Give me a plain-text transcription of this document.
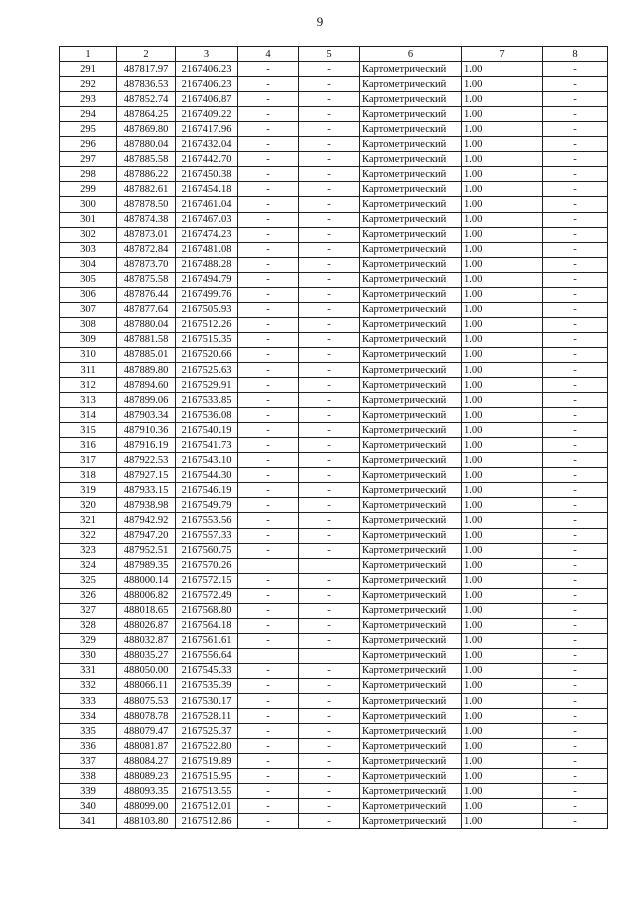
9
1	2	3	4	5	6	7	8
291	487817.97	2167406.23	-	-	Картометрический	1.00	-
292	487836.53	2167406.23	-	-	Картометрический	1.00	-
293	487852.74	2167406.87	-	-	Картометрический	1.00	-
294	487864.25	2167409.22	-	-	Картометрический	1.00	-
295	487869.80	2167417.96	-	-	Картометрический	1.00	-
296	487880.04	2167432.04	-	-	Картометрический	1.00	-
297	487885.58	2167442.70	-	-	Картометрический	1.00	-
298	487886.22	2167450.38	-	-	Картометрический	1.00	-
299	487882.61	2167454.18	-	-	Картометрический	1.00	-
300	487878.50	2167461.04	-	-	Картометрический	1.00	-
301	487874.38	2167467.03	-	-	Картометрический	1.00	-
302	487873.01	2167474.23	-	-	Картометрический	1.00	-
303	487872.84	2167481.08	-	-	Картометрический	1.00	-
304	487873.70	2167488.28	-	-	Картометрический	1.00	-
305	487875.58	2167494.79	-	-	Картометрический	1.00	-
306	487876.44	2167499.76	-	-	Картометрический	1.00	-
307	487877.64	2167505.93	-	-	Картометрический	1.00	-
308	487880.04	2167512.26	-	-	Картометрический	1.00	-
309	487881.58	2167515.35	-	-	Картометрический	1.00	-
310	487885.01	2167520.66	-	-	Картометрический	1.00	-
311	487889.80	2167525.63	-	-	Картометрический	1.00	-
312	487894.60	2167529.91	-	-	Картометрический	1.00	-
313	487899.06	2167533.85	-	-	Картометрический	1.00	-
314	487903.34	2167536.08	-	-	Картометрический	1.00	-
315	487910.36	2167540.19	-	-	Картометрический	1.00	-
316	487916.19	2167541.73	-	-	Картометрический	1.00	-
317	487922.53	2167543.10	-	-	Картометрический	1.00	-
318	487927.15	2167544.30	-	-	Картометрический	1.00	-
319	487933.15	2167546.19	-	-	Картометрический	1.00	-
320	487938.98	2167549.79	-	-	Картометрический	1.00	-
321	487942.92	2167553.56	-	-	Картометрический	1.00	-
322	487947.20	2167557.33	-	-	Картометрический	1.00	-
323	487952.51	2167560.75	-	-	Картометрический	1.00	-
324	487989.35	2167570.26			Картометрический	1.00	-
325	488000.14	2167572.15	-	-	Картометрический	1.00	-
326	488006.82	2167572.49	-	-	Картометрический	1.00	-
327	488018.65	2167568.80	-	-	Картометрический	1.00	-
328	488026.87	2167564.18	-	-	Картометрический	1.00	-
329	488032.87	2167561.61	-	-	Картометрический	1.00	-
330	488035.27	2167556.64			Картометрический	1.00	-
331	488050.00	2167545.33	-	-	Картометрический	1.00	-
332	488066.11	2167535.39	-	-	Картометрический	1.00	-
333	488075.53	2167530.17	-	-	Картометрический	1.00	-
334	488078.78	2167528.11	-	-	Картометрический	1.00	-
335	488079.47	2167525.37	-	-	Картометрический	1.00	-
336	488081.87	2167522.80	-	-	Картометрический	1.00	-
337	488084.27	2167519.89	-	-	Картометрический	1.00	-
338	488089.23	2167515.95	-	-	Картометрический	1.00	-
339	488093.35	2167513.55	-	-	Картометрический	1.00	-
340	488099.00	2167512.01	-	-	Картометрический	1.00	-
341	488103.80	2167512.86	-	-	Картометрический	1.00	-
